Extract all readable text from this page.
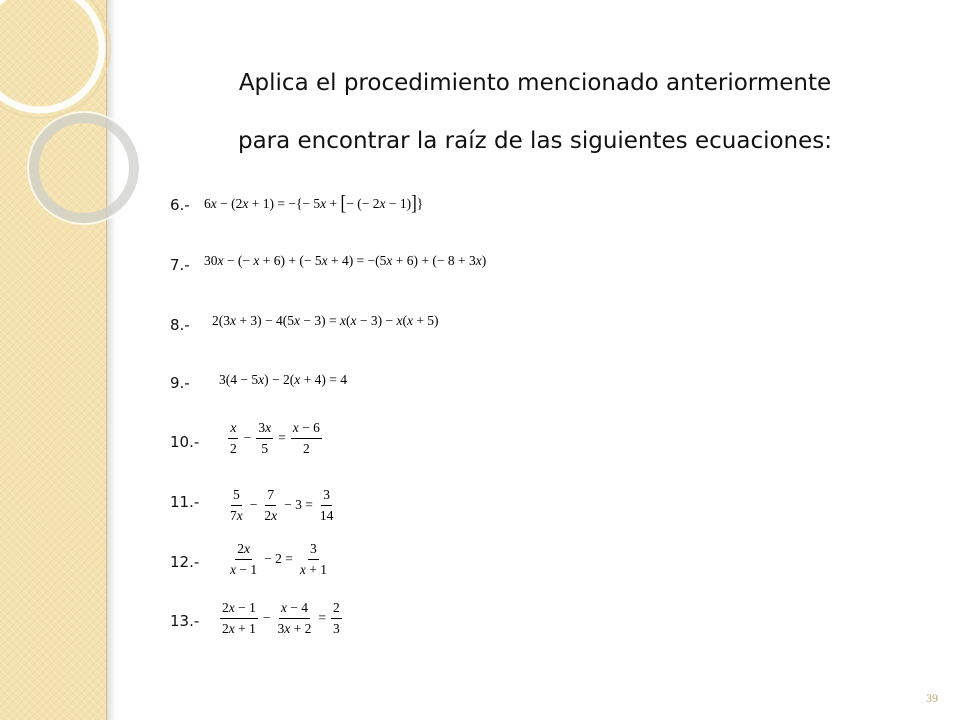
Aplica el procedimiento mencionado anteriormente
para encontrar la raíz de las siguientes ecuaciones:
6.- 6x − (2x + 1) = −{− 5x + [− (− 2x − 1)]}
7.- 30x − (− x + 6) + (− 5x + 4) = −(5x + 6) + (− 8 + 3x)
8.- 2(3x + 3) − 4(5x − 3) = x(x − 3) − x(x + 5)
9.- 3(4 − 5x) − 2(x + 4) = 4
10.-
x
2
− $\frac{3x}{5} = \frac{x - 6}{2}$
11.- 5
7x
− $\frac{7}{2x} - 3 = \frac{3}{14}$
12.-
2x
x − 1
− $2 = \frac{3}{x + 1}$
13.-
2x − 1
2x + 1
− $\frac{x - 4}{3x + 2} = \frac{2}{3}$
39
